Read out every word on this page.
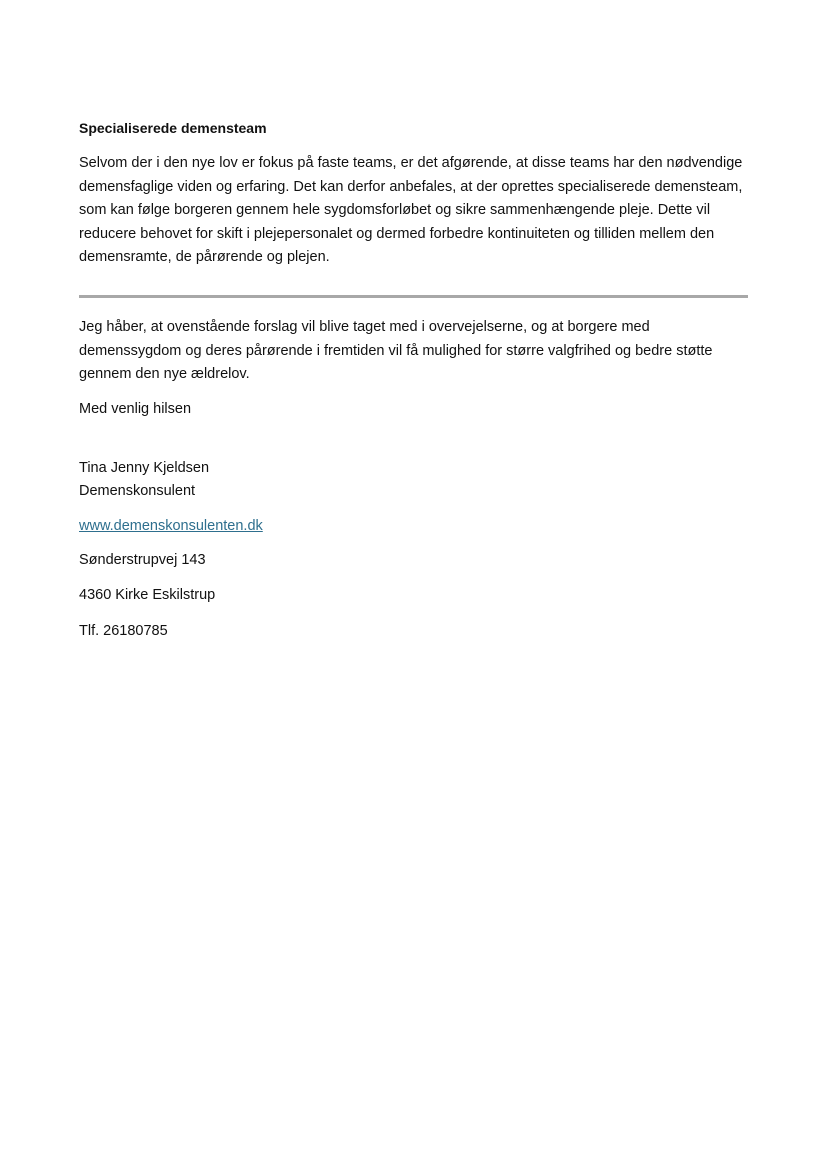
Specialiserede demensteam

Selvom der i den nye lov er fokus på faste teams, er det afgørende, at disse teams har den nødvendige demensfaglige viden og erfaring. Det kan derfor anbefales, at der oprettes specialiserede demensteam, som kan følge borgeren gennem hele sygdomsforløbet og sikre sammenhængende pleje. Dette vil reducere behovet for skift i plejepersonalet og dermed forbedre kontinuiteten og tilliden mellem den demensramte, de pårørende og plejen.

Jeg håber, at ovenstående forslag vil blive taget med i overvejelserne, og at borgere med demenssygdom og deres pårørende i fremtiden vil få mulighed for større valgfrihed og bedre støtte gennem den nye ældrelov.

Med venlig hilsen
Tina Jenny Kjeldsen
Demenskonsulent
www.demenskonsulenten.dk
Sønderstrupvej 143
4360 Kirke Eskilstrup
Tlf. 26180785
